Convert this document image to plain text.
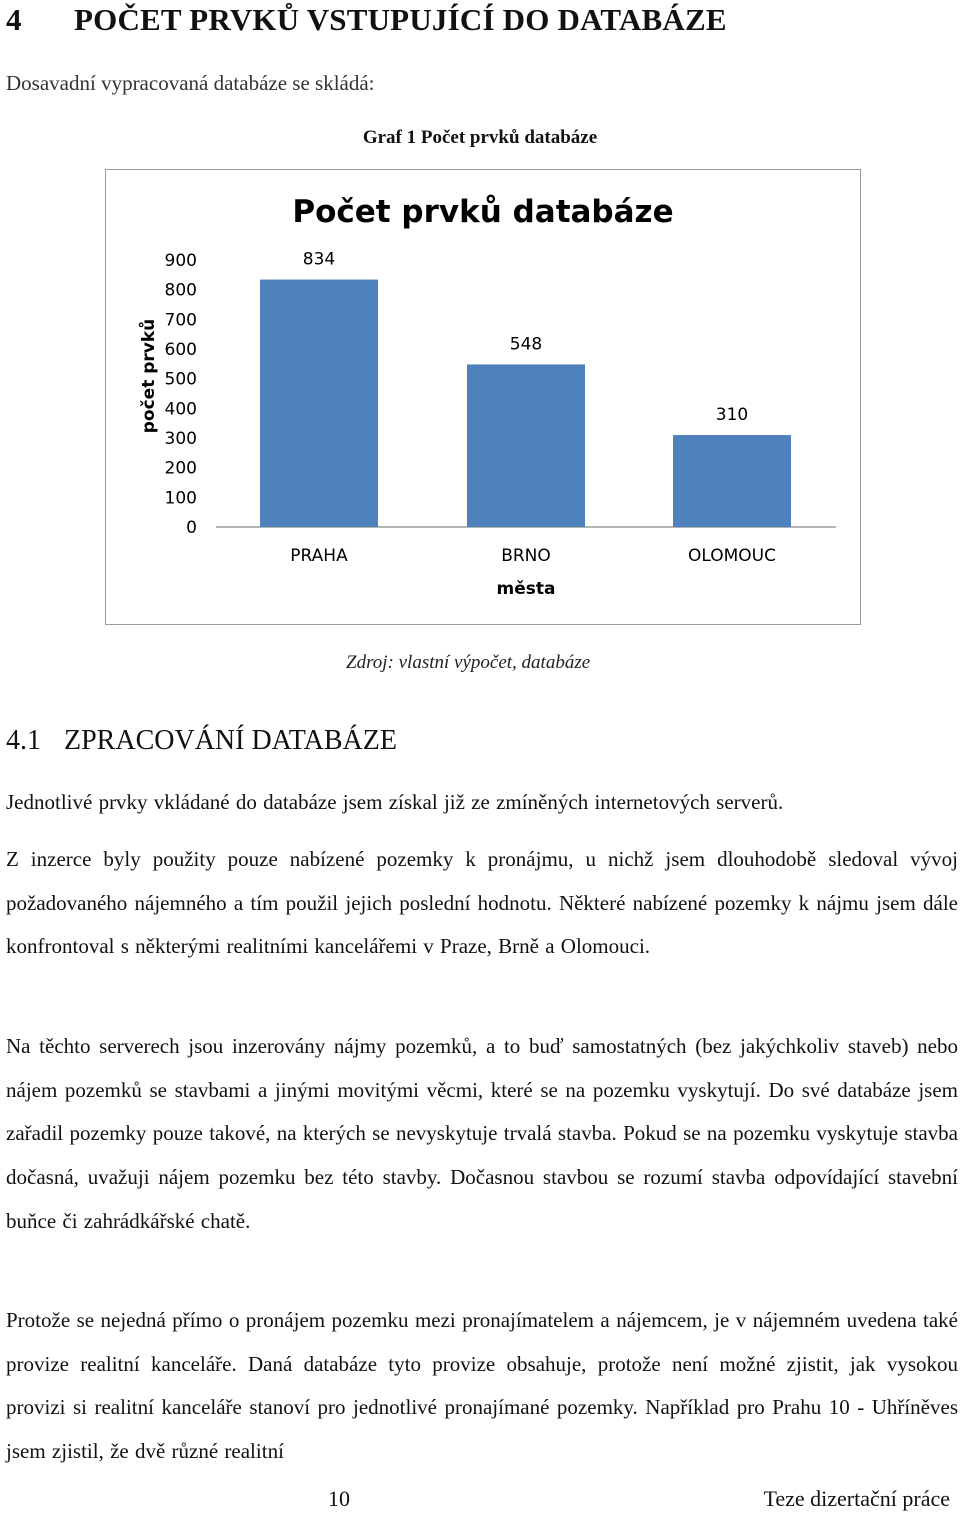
4 POČET PRVKŮ VSTUPUJÍCÍ DO DATABÁZE
Dosavadní vypracovaná databáze se skládá:
Graf 1 Počet prvků databáze
Počet prvků databáze
počet prvků
města
0
100
200
300
400
500
600
700
800
900	834
PRAHA
548
BRNO
310
OLOMOUC
Zdroj: vlastní výpočet, databáze
4.1 ZPRACOVÁNÍ DATABÁZE

Jednotlivé prvky vkládané do databáze jsem získal již ze zmíněných internetových serverů.

Z inzerce byly použity pouze nabízené pozemky k pronájmu, u nichž jsem dlouhodobě sledoval vývoj požadovaného nájemného a tím použil jejich poslední hodnotu. Některé nabízené pozemky k nájmu jsem dále konfrontoval s některými realitními kancelářemi v Praze, Brně a Olomouci.

Na těchto serverech jsou inzerovány nájmy pozemků, a to buď samostatných (bez jakýchkoliv staveb) nebo nájem pozemků se stavbami a jinými movitými věcmi, které se na pozemku vyskytují. Do své databáze jsem zařadil pozemky pouze takové, na kterých se nevyskytuje trvalá stavba. Pokud se na pozemku vyskytuje stavba dočasná, uvažuji nájem pozemku bez této stavby. Dočasnou stavbou se rozumí stavba odpovídající stavební buňce či zahrádkářské chatě.

Protože se nejedná přímo o pronájem pozemku mezi pronajímatelem a nájemcem, je v nájemném uvedena také provize realitní kanceláře. Daná databáze tyto provize obsahuje, protože není možné zjistit, jak vysokou provizi si realitní kanceláře stanoví pro jednotlivé pronajímané pozemky. Například pro Prahu 10 - Uhříněves jsem zjistil, že dvě různé realitní

10	Teze dizertační práce
